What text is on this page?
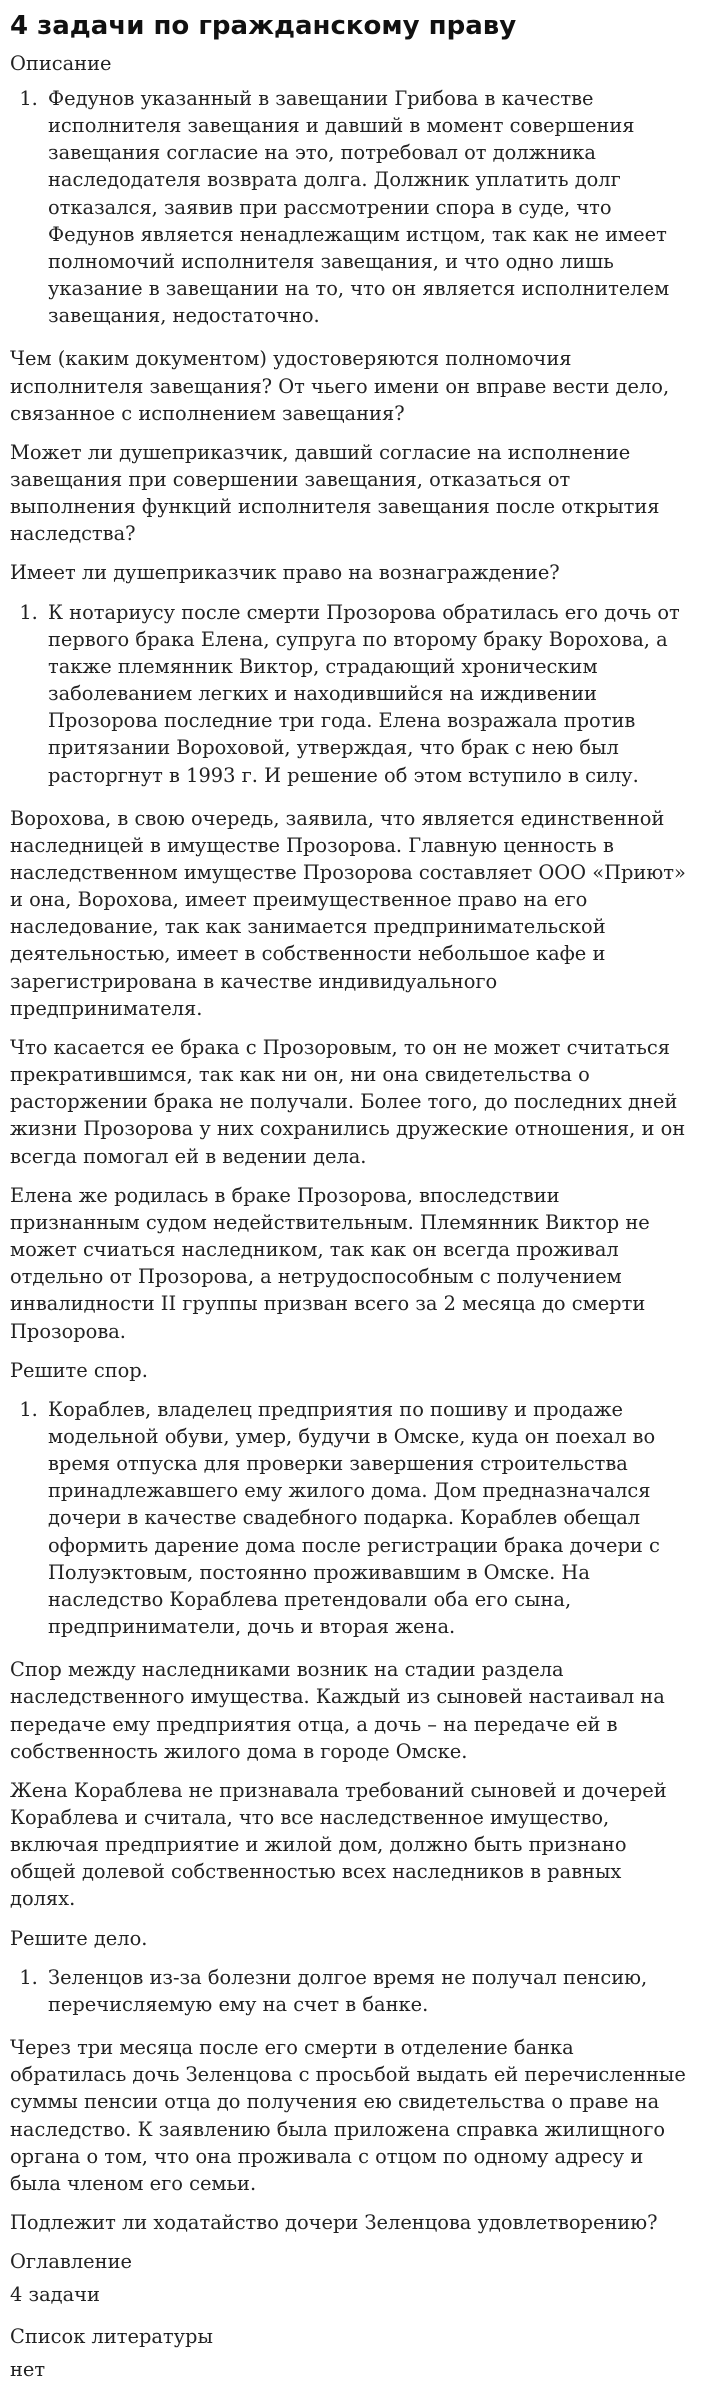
4 задачи по гражданскому праву
Описание
1. Федунов указанный в завещании Грибова в качестве исполнителя завещания и давший в момент совершения завещания согласие на это, потребовал от должника наследодателя возврата долга. Должник уплатить долг отказался, заявив при рассмотрении спора в суде, что Федунов является ненадлежащим истцом, так как не имеет полномочий исполнителя завещания, и что одно лишь указание в завещании на то, что он является исполнителем завещания, недостаточно.

Чем (каким документом) удостоверяются полномочия исполнителя завещания? От чьего имени он вправе вести дело, связанное с исполнением завещания?

Может ли душеприказчик, давший согласие на исполнение завещания при совершении завещания, отказаться от выполнения функций исполнителя завещания после открытия наследства?

Имеет ли душеприказчик право на вознаграждение?

1. К нотариусу после смерти Прозорова обратилась его дочь от первого брака Елена, супруга по второму браку Ворохова, а также племянник Виктор, страдающий хроническим заболеванием легких и находившийся на иждивении Прозорова последние три года. Елена возражала против притязании Вороховой, утверждая, что брак с нею был расторгнут в 1993 г. И решение об этом вступило в силу.

Ворохова, в свою очередь, заявила, что является единственной наследницей в имуществе Прозорова. Главную ценность в наследственном имуществе Прозорова составляет ООО «Приют» и она, Ворохова, имеет преимущественное право на его наследование, так как занимается предпринимательской деятельностью, имеет в собственности небольшое кафе и зарегистрирована в качестве индивидуального предпринимателя.

Что касается ее брака с Прозоровым, то он не может считаться прекратившимся, так как ни он, ни она свидетельства о расторжении брака не получали. Более того, до последних дней жизни Прозорова у них сохранились дружеские отношения, и он всегда помогал ей в ведении дела.

Елена же родилась в браке Прозорова, впоследствии признанным судом недействительным. Племянник Виктор не может счиаться наследником, так как он всегда проживал отдельно от Прозорова, а нетрудоспособным с получением инвалидности II группы призван всего за 2 месяца до смерти Прозорова.

Решите спор.

1. Кораблев, владелец предприятия по пошиву и продаже модельной обуви, умер, будучи в Омске, куда он поехал во время отпуска для проверки завершения строительства принадлежавшего ему жилого дома. Дом предназначался дочери в качестве свадебного подарка. Кораблев обещал оформить дарение дома после регистрации брака дочери с Полуэктовым, постоянно проживавшим в Омске. На наследство Кораблева претендовали оба его сына, предприниматели, дочь и вторая жена.

Спор между наследниками возник на стадии раздела наследственного имущества. Каждый из сыновей настаивал на передаче ему предприятия отца, а дочь – на передаче ей в собственность жилого дома в городе Омске.

Жена Кораблева не признавала требований сыновей и дочерей Кораблева и считала, что все наследственное имущество, включая предприятие и жилой дом, должно быть признано общей долевой собственностью всех наследников в равных долях.

Решите дело.

1. Зеленцов из-за болезни долгое время не получал пенсию, перечисляемую ему на счет в банке.

Через три месяца после его смерти в отделение банка обратилась дочь Зеленцова с просьбой выдать ей перечисленные суммы пенсии отца до получения ею свидетельства о праве на наследство. К заявлению была приложена справка жилищного органа о том, что она проживала с отцом по одному адресу и была членом его семьи.

Подлежит ли ходатайство дочери Зеленцова удовлетворению?

Оглавление
4 задачи
Список литературы
нет
